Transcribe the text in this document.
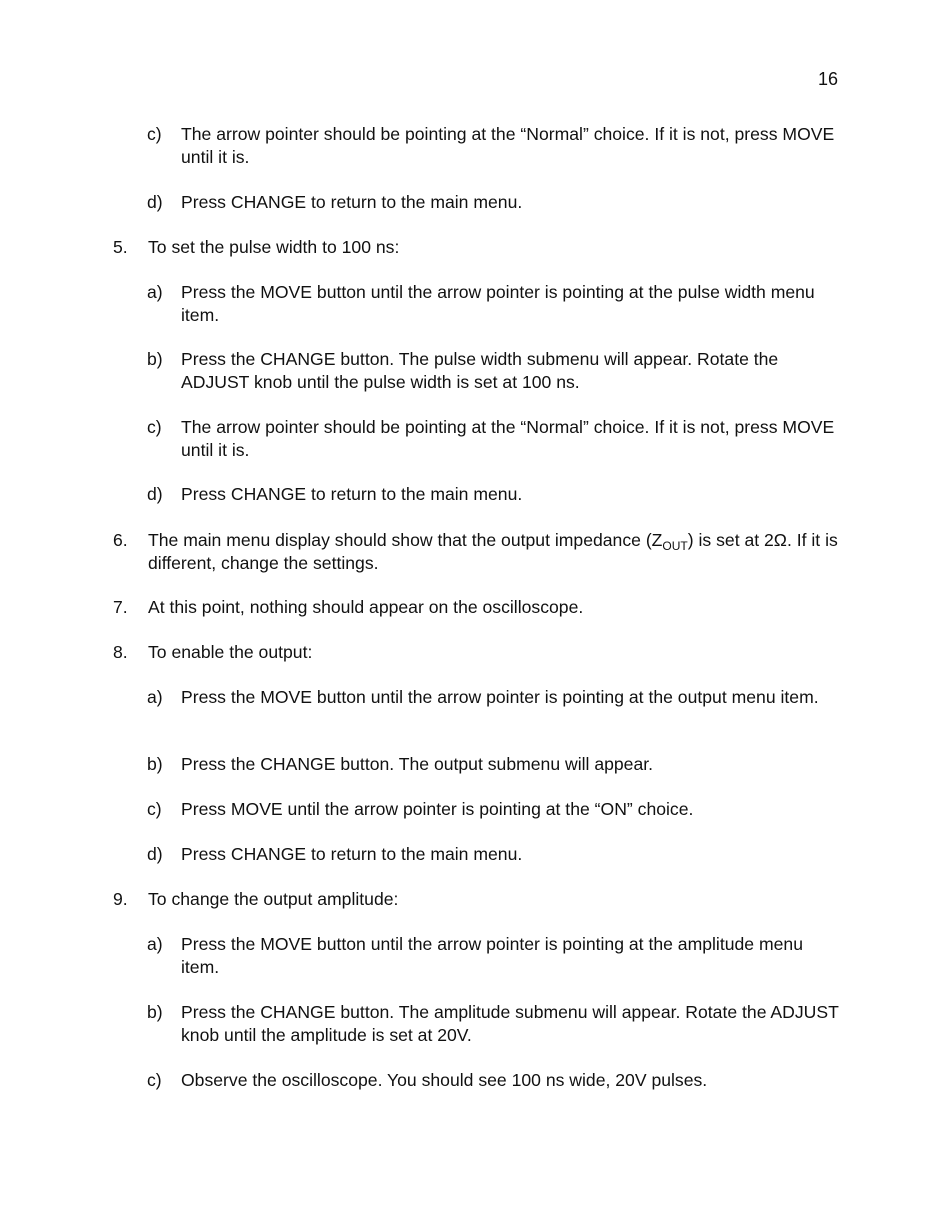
16
c) The arrow pointer should be pointing at the “Normal” choice. If it is not, press MOVE until it is.
d) Press CHANGE to return to the main menu.
5. To set the pulse width to 100 ns:
a) Press the MOVE button until the arrow pointer is pointing at the pulse width menu item.
b) Press the CHANGE button. The pulse width submenu will appear. Rotate the ADJUST knob until the pulse width is set at 100 ns.
c) The arrow pointer should be pointing at the “Normal” choice. If it is not, press MOVE until it is.
d) Press CHANGE to return to the main menu.
6. The main menu display should show that the output impedance $(Z_{OUT})$ is set at 2Ω. If it is different, change the settings.
7. At this point, nothing should appear on the oscilloscope.
8. To enable the output:
a) Press the MOVE button until the arrow pointer is pointing at the output menu item.
b) Press the CHANGE button. The output submenu will appear.
c) Press MOVE until the arrow pointer is pointing at the “ON” choice.
d) Press CHANGE to return to the main menu.
9. To change the output amplitude:
a) Press the MOVE button until the arrow pointer is pointing at the amplitude menu item.
b) Press the CHANGE button. The amplitude submenu will appear. Rotate the ADJUST knob until the amplitude is set at 20V.
c) Observe the oscilloscope. You should see 100 ns wide, 20V pulses.
